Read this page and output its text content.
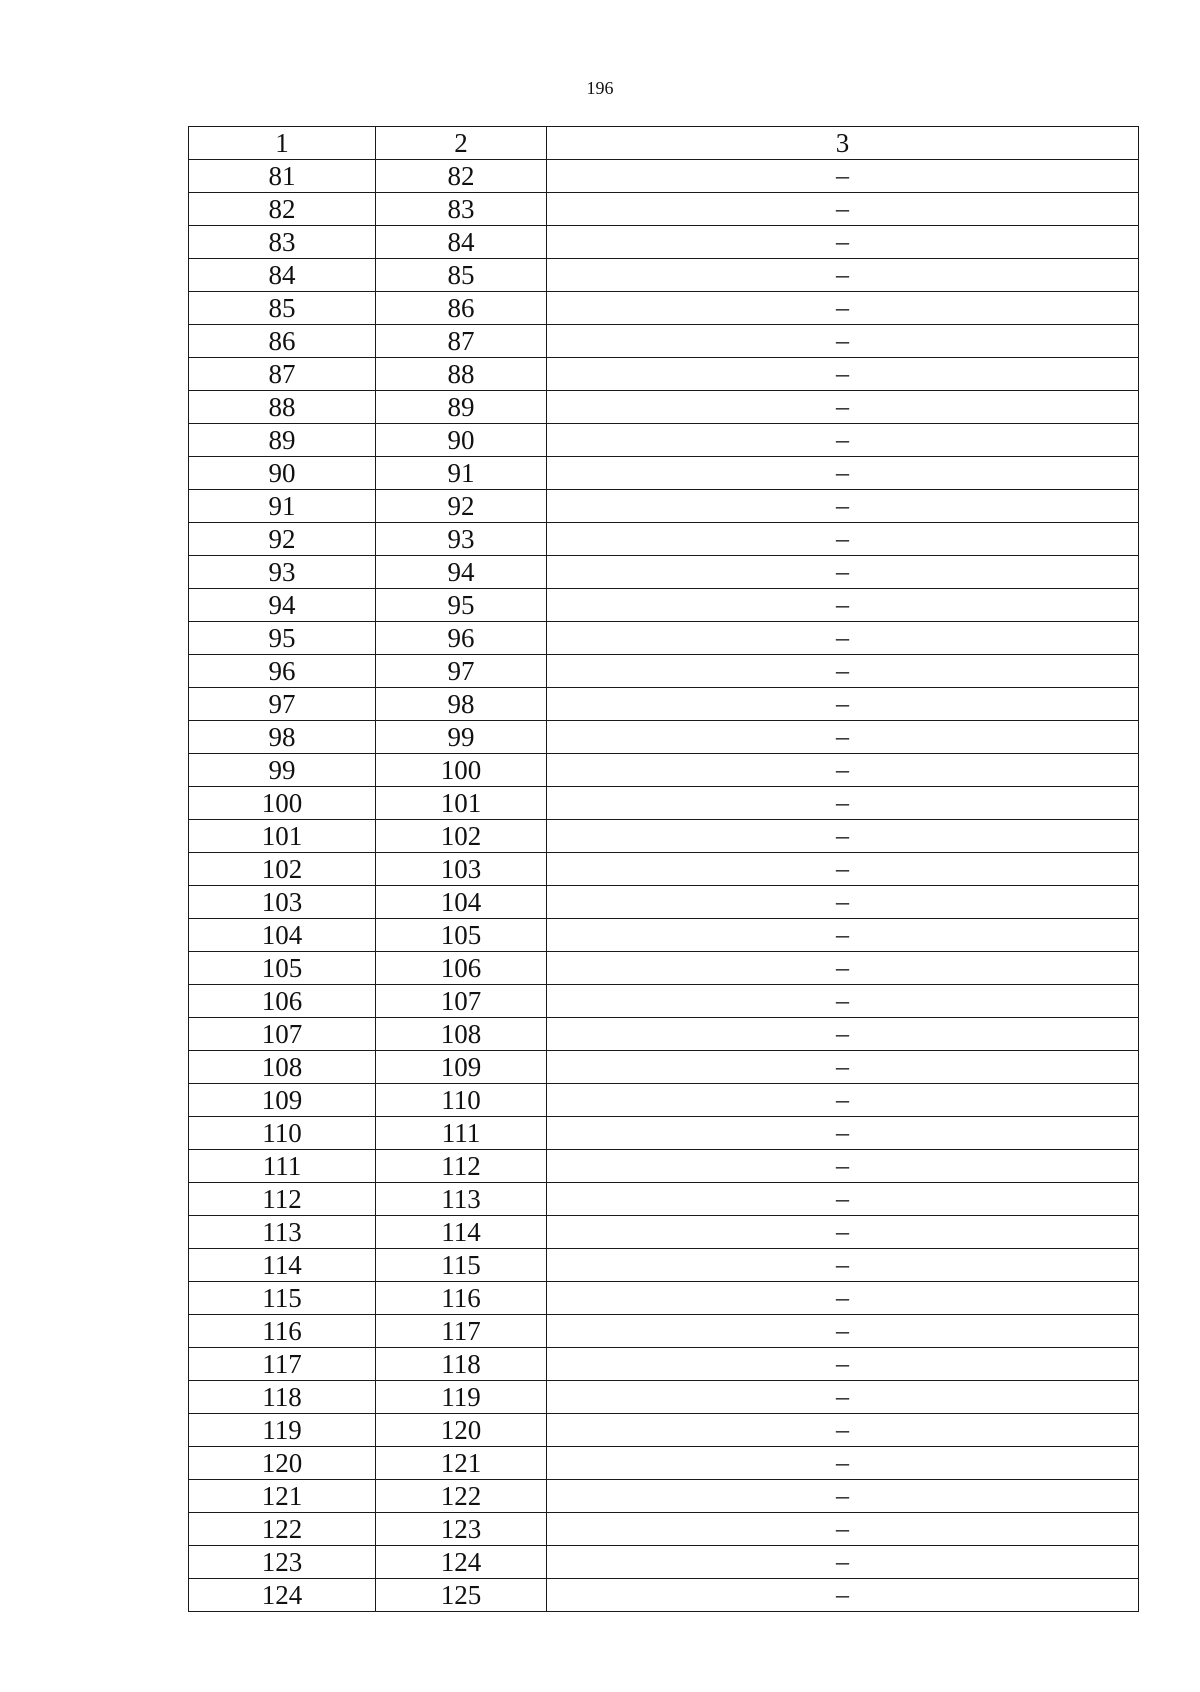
196
1	2	3
81	82	–
82	83	–
83	84	–
84	85	–
85	86	–
86	87	–
87	88	–
88	89	–
89	90	–
90	91	–
91	92	–
92	93	–
93	94	–
94	95	–
95	96	–
96	97	–
97	98	–
98	99	–
99	100	–
100	101	–
101	102	–
102	103	–
103	104	–
104	105	–
105	106	–
106	107	–
107	108	–
108	109	–
109	110	–
110	111	–
111	112	–
112	113	–
113	114	–
114	115	–
115	116	–
116	117	–
117	118	–
118	119	–
119	120	–
120	121	–
121	122	–
122	123	–
123	124	–
124	125	–
